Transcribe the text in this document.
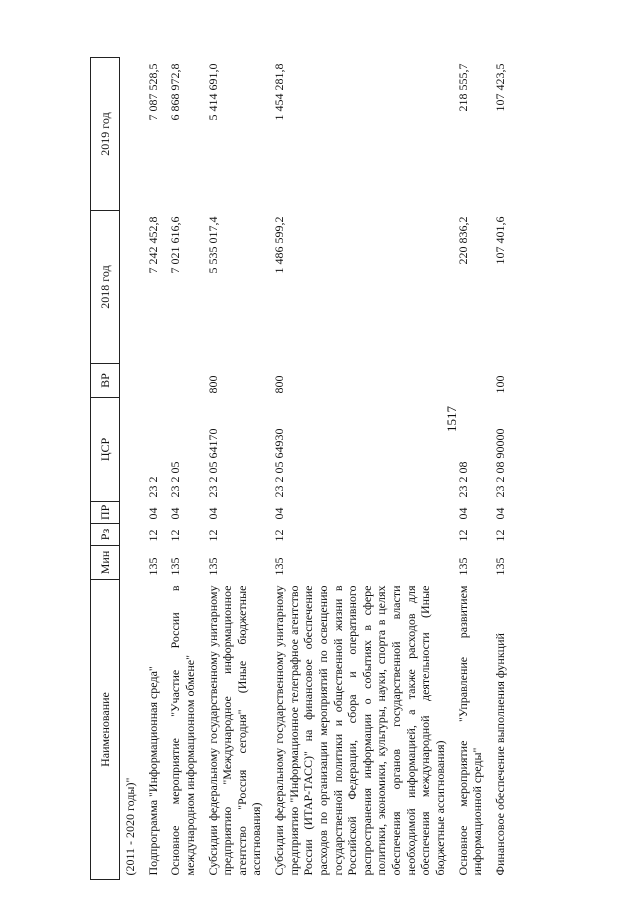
1517
Наименование	Мин	Рз	ПР	ЦСР	ВР	2018 год	2019 год
(2011 - 2020 годы)"							
Подпрограмма "Информационная среда"	135	12	04	23 2		7 242 452,8	7 087 528,5
Основное мероприятие "Участие России в международном информационном обмене"	135	12	04	23 2 05		7 021 616,6	6 868 972,8
Субсидии федеральному государственному унитарному предприятию "Международное информационное агентство "Россия сегодня" (Иные бюджетные ассигнования)	135	12	04	23 2 05 64170	800	5 535 017,4	5 414 691,0
Субсидии федеральному государственному унитарному предприятию "Информационное телеграфное агентство России (ИТАР-ТАСС)" на финансовое обеспечение расходов по организации мероприятий по освещению государственной политики и общественной жизни в Российской Федерации, сбора и оперативного распространения информации о событиях в сфере политики, экономики, культуры, науки, спорта в целях обеспечения органов государственной власти необходимой информацией, а также расходов для обеспечения международной деятельности (Иные бюджетные ассигнования)	135	12	04	23 2 05 64930	800	1 486 599,2	1 454 281,8
Основное мероприятие "Управление развитием информационной среды"	135	12	04	23 2 08		220 836,2	218 555,7
Финансовое обеспечение выполнения функций	135	12	04	23 2 08 90000	100	107 401,6	107 423,5
